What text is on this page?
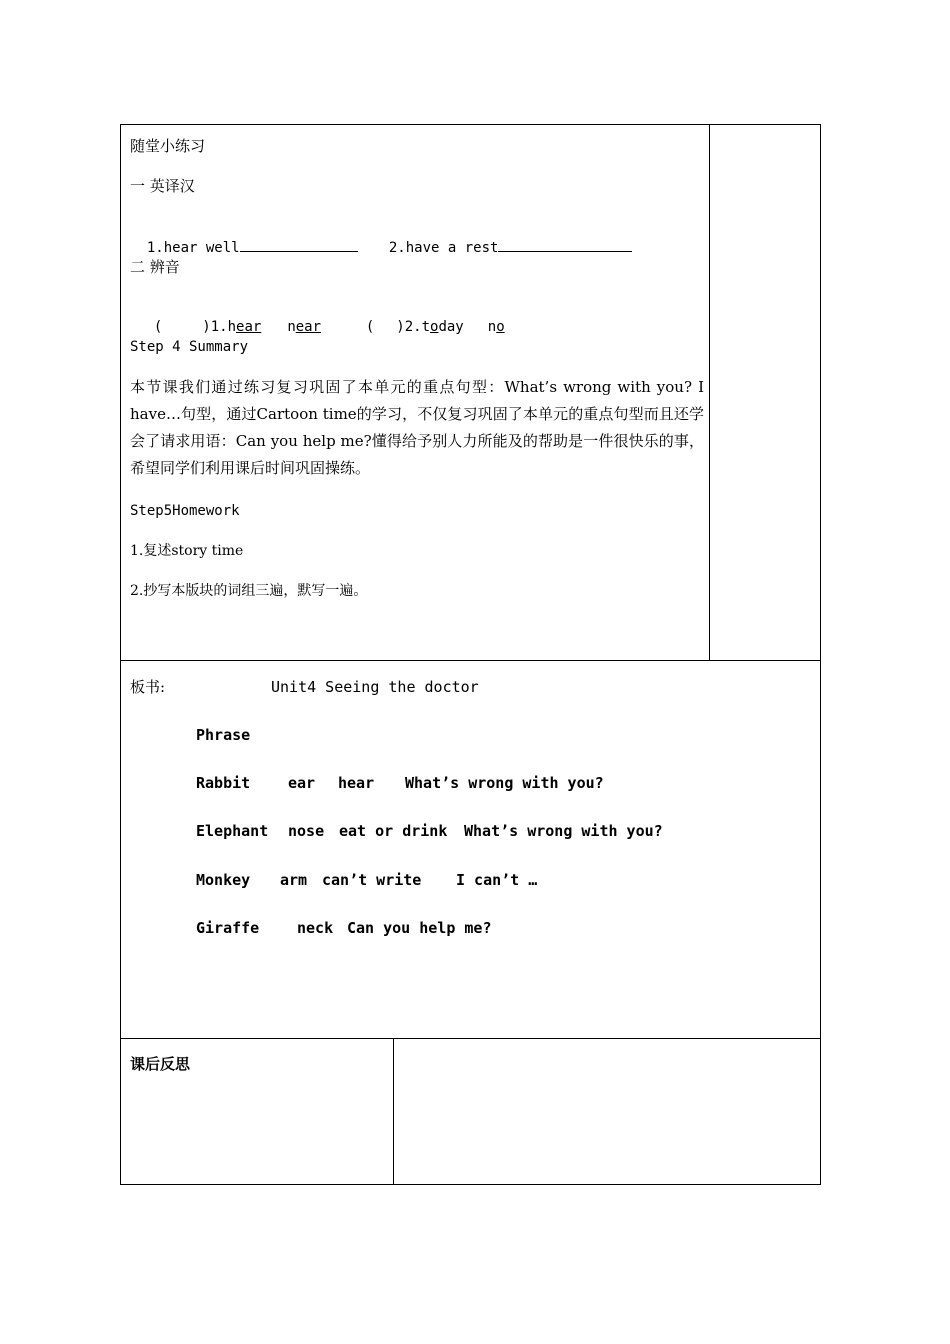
随堂小练习
一 英译汉

1.hear well	2.have a rest

二 辨音

(	)1.hear near	( )2.today no

Step 4 Summary
本节课我们通过练习复习巩固了本单元的重点句型：What’s wrong with you? I have…句型，通过Cartoon time的学习，不仅复习巩固了本单元的重点句型而且还学会了请求用语：Can you help me?懂得给予别人力所能及的帮助是一件很快乐的事，希望同学们利用课后时间巩固操练。
Step5Homework
1.复述story time
2.抄写本版块的词组三遍，默写一遍。
板书:	Unit4 Seeing the doctor
Phrase
Rabbit	ear hear What’s wrong with you?
Elephant nose eat or drink What’s wrong with you?
Monkey arm can’t write I can’t …
Giraffe	neck Can you help me?
课后反思
